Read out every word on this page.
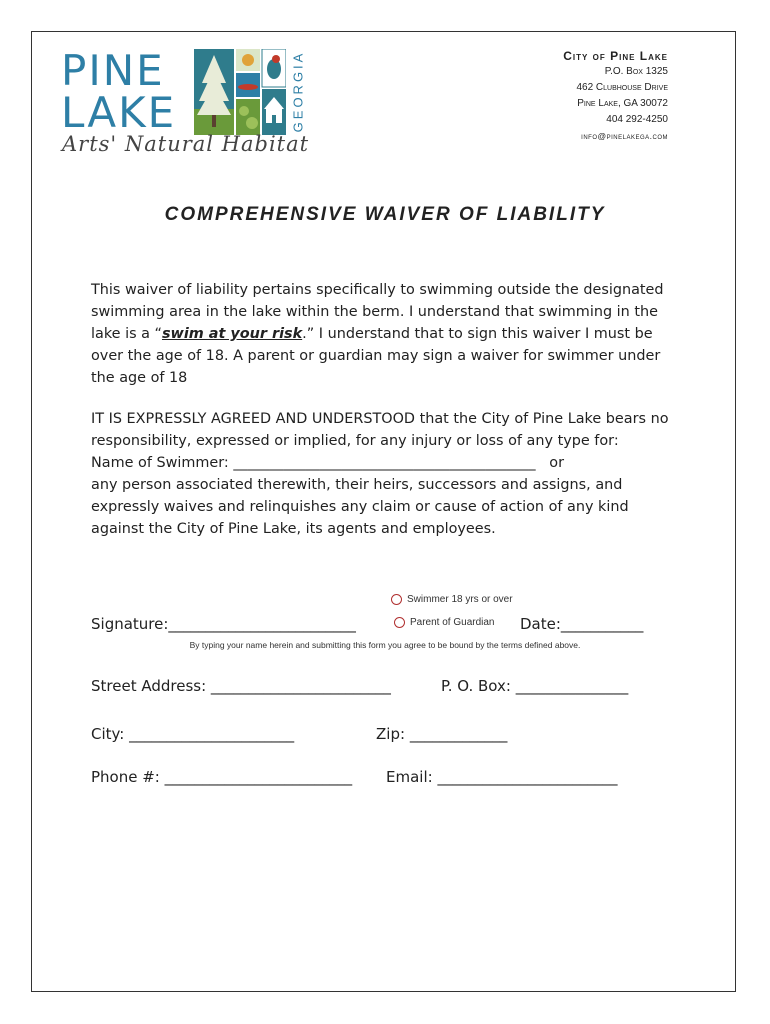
PINE
LAKE	GEORGIA
Arts' Natural Habitat
City of Pine Lake
P.O. Box 1325
462 Clubhouse Drive
Pine Lake, GA 30072
404 292-4250
info@pinelakega.com
COMPREHENSIVE WAIVER OF LIABILITY
This waiver of liability pertains specifically to swimming outside the designated swimming area in the lake within the berm. I understand that swimming in the lake is a “swim at your risk.” I understand that to sign this waiver I must be over the age of 18. A parent or guardian may sign a waiver for swimmer under the age of 18
IT IS EXPRESSLY AGREED AND UNDERSTOOD that the City of Pine Lake bears no responsibility, expressed or implied, for any injury or loss of any type for:
Name of Swimmer: __________________________________________ or
any person associated therewith, their heirs, successors and assigns, and expressly waives and relinquishes any claim or cause of action of any kind against the City of Pine Lake, its agents and employees.
Swimmer 18 yrs or over
Parent of Guardian
Signature:_________________________	Date:___________
By typing your name herein and submitting this form you agree to be bound by the terms defined above.
Street Address: ________________________	P. O. Box: _______________
City: ______________________	Zip: _____________
Phone #: _________________________ Email: ________________________
